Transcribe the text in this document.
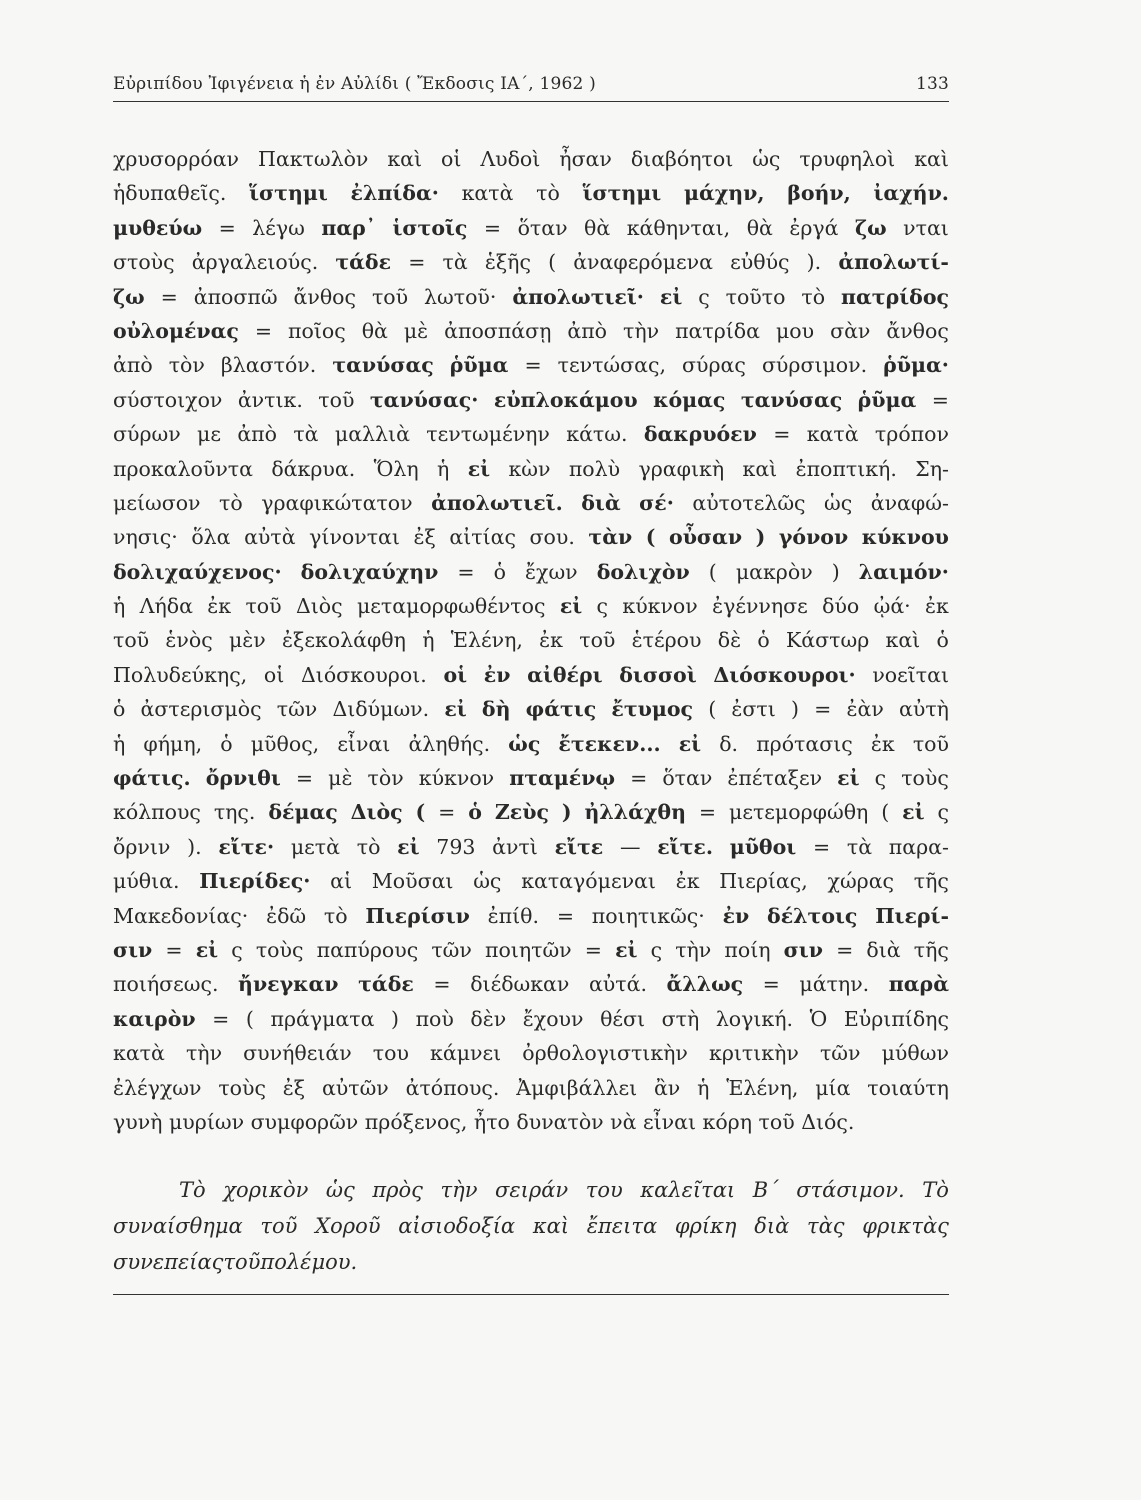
Εὐριπίδου Ἰφιγένεια ἡ ἐν Αὐλίδι ( Ἔκδοσις ΙΑ΄, 1962 )	133
χρυσορρόαν Πακτωλὸν καὶ οἱ Λυδοὶ ἦσαν διαβόητοι ὡς τρυφηλοὶ καὶ
ἡδυπαθεῖς. ἵστημι ἐλπίδα· κατὰ τὸ ἵστημι μάχην, βοήν, ἰαχήν.
μυθεύω = λέγω παρ᾽ ἱστοῖς = ὅταν θὰ κάθηνται, θὰ ἐργά ζω νται
στοὺς ἀργαλειούς. τάδε = τὰ ἑξῆς ( ἀναφερόμενα εὐθύς ). ἀπολωτί-
ζω = ἀποσπῶ ἄνθος τοῦ λωτοῦ· ἀπολωτιεῖ· εἰ ς τοῦτο τὸ πατρίδος
οὐλομένας = ποῖος θὰ μὲ ἀποσπάσῃ ἀπὸ τὴν πατρίδα μου σὰν ἄνθος
ἀπὸ τὸν βλαστόν. τανύσας ῥῦμα = τεντώσας, σύρας σύρσιμον. ῥῦμα·
σύστοιχον ἀντικ. τοῦ τανύσας· εὐπλοκάμου κόμας τανύσας ῥῦμα =
σύρων με ἀπὸ τὰ μαλλιὰ τεντωμένην κάτω. δακρυόεν = κατὰ τρόπον
προκαλοῦντα δάκρυα. Ὅλη ἡ εἰ κὼν πολὺ γραφικὴ καὶ ἐποπτική. Ση-
μείωσον τὸ γραφικώτατον ἀπολωτιεῖ. διὰ σέ· αὐτοτελῶς ὡς ἀναφώ-
νησις· ὅλα αὐτὰ γίνονται ἐξ αἰτίας σου. τὰν ( οὖσαν ) γόνον κύκνου
δολιχαύχενος· δολιχαύχην = ὁ ἔχων δολιχὸν ( μακρὸν ) λαιμόν·
ἡ Λήδα ἐκ τοῦ Διὸς μεταμορφωθέντος εἰ ς κύκνον ἐγέννησε δύο ᾠά· ἐκ
τοῦ ἑνὸς μὲν ἐξεκολάφθη ἡ Ἑλένη, ἐκ τοῦ ἑτέρου δὲ ὁ Κάστωρ καὶ ὁ
Πολυδεύκης, οἱ Διόσκουροι. οἱ ἐν αἰθέρι δισσοὶ Διόσκουροι· νοεῖται
ὁ ἀστερισμὸς τῶν Διδύμων. εἰ δὴ φάτις ἔτυμος ( ἐστι ) = ἐὰν αὐτὴ
ἡ φήμη, ὁ μῦθος, εἶναι ἀληθής. ὡς ἔτεκεν... εἰ δ. πρότασις ἐκ τοῦ
φάτις. ὄρνιθι = μὲ τὸν κύκνον πταμένῳ = ὅταν ἐπέταξεν εἰ ς τοὺς
κόλπους της. δέμας Διὸς ( = ὁ Ζεὺς ) ἠλλάχθη = μετεμορφώθη ( εἰ ς
ὄρνιν ). εἴτε· μετὰ τὸ εἰ 793 ἀντὶ εἴτε — εἴτε. μῦθοι = τὰ παρα-
μύθια. Πιερίδες· αἱ Μοῦσαι ὡς καταγόμεναι ἐκ Πιερίας, χώρας τῆς
Μακεδονίας· ἐδῶ τὸ Πιερίσιν ἐπίθ. = ποιητικῶς· ἐν δέλτοις Πιερί-
σιν = εἰ ς τοὺς παπύρους τῶν ποιητῶν = εἰ ς τὴν ποίη σιν = διὰ τῆς
ποιήσεως. ἤνεγκαν τάδε = διέδωκαν αὐτά. ἄλλως = μάτην. παρὰ
καιρὸν = ( πράγματα ) ποὺ δὲν ἔχουν θέσι στὴ λογική. Ὁ Εὐριπίδης
κατὰ τὴν συνήθειάν του κάμνει ὀρθολογιστικὴν κριτικὴν τῶν μύθων
ἐλέγχων τοὺς ἐξ αὐτῶν ἀτόπους. Ἀμφιβάλλει ἂν ἡ Ἑλένη, μία τοιαύτη
γυνὴ μυρίων συμφορῶν πρόξενος, ἦτο δυνατὸν νὰ εἶναι κόρη τοῦ Διός.
Τὸ χορικὸν ὡς πρὸς τὴν σειράν του καλεῖται Β΄ στάσιμον. Τὸ
συναίσθημα τοῦ Χοροῦ αἰσιοδοξία καὶ ἔπειτα φρίκη διὰ τὰς φρικτὰς
συνεπείας τοῦ πολέμου.
